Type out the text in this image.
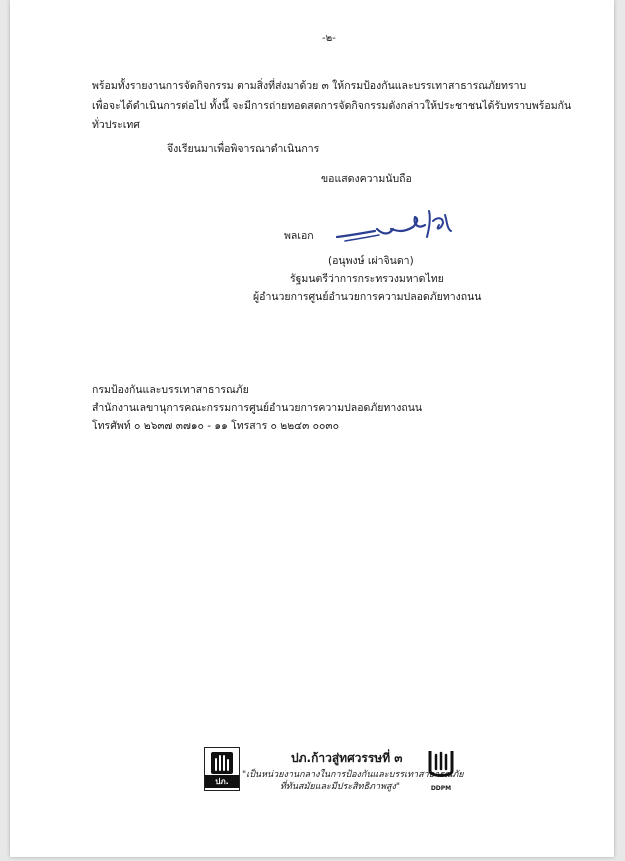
-๒-
พร้อมทั้งรายงานการจัดกิจกรรม ตามสิ่งที่ส่งมาด้วย ๓ ให้กรมป้องกันและบรรเทาสาธารณภัยทราบ
เพื่อจะได้ดำเนินการต่อไป ทั้งนี้ จะมีการถ่ายทอดสดการจัดกิจกรรมดังกล่าวให้ประชาชนได้รับทราบพร้อมกัน
ทั่วประเทศ
จึงเรียนมาเพื่อพิจารณาดำเนินการ
ขอแสดงความนับถือ
พลเอก
(อนุพงษ์ เผ่าจินดา)
รัฐมนตรีว่าการกระทรวงมหาดไทย
ผู้อำนวยการศูนย์อำนวยการความปลอดภัยทางถนน
กรมป้องกันและบรรเทาสาธารณภัย
สำนักงานเลขานุการคณะกรรมการศูนย์อำนวยการความปลอดภัยทางถนน
โทรศัพท์ ๐ ๒๖๓๗ ๓๗๑๐ - ๑๑ โทรสาร ๐ ๒๒๔๓ ๐๐๓๐
ปภ.
ปภ.ก้าวสู่ทศวรรษที่ ๓
"เป็นหน่วยงานกลางในการป้องกันและบรรเทาสาธารณภัย
ที่ทันสมัยและมีประสิทธิภาพสูง"	DDPM
